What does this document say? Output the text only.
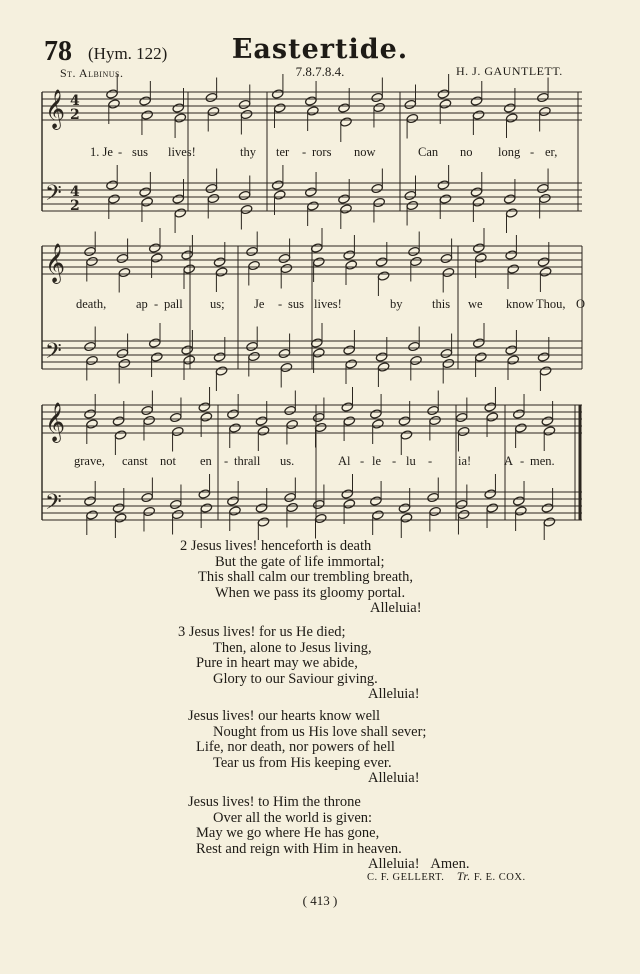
78 (Hym. 122)	Eastertide.
St. Albinus.	7.8.7.8.4.	H. J. GAUNTLETT.
𝄞 4
2
𝄢 4
2
𝄞
𝄢
𝄞
𝄢
1. Je - sus lives!	thy ter - rors now	Can no long - er,
death, ap - pall us; Je - sus lives!	by this we know Thou, O
grave, canst not en - thrall us.	Al - le - lu - ia!	A - men.
2 Jesus lives! henceforth is death
But the gate of life immortal;
This shall calm our trembling breath,
When we pass its gloomy portal.
Alleluia!
3 Jesus lives! for us He died;
Then, alone to Jesus living,
Pure in heart may we abide,
Glory to our Saviour giving.
Alleluia!
Jesus lives! our hearts know well
Nought from us His love shall sever;
Life, nor death, nor powers of hell
Tear us from His keeping ever.
Alleluia!
Jesus lives! to Him the throne
Over all the world is given:
May we go where He has gone,
Rest and reign with Him in heaven.
Alleluia! Amen.
C. F. GELLERT. Tr. F. E. COX.
( 413 )
